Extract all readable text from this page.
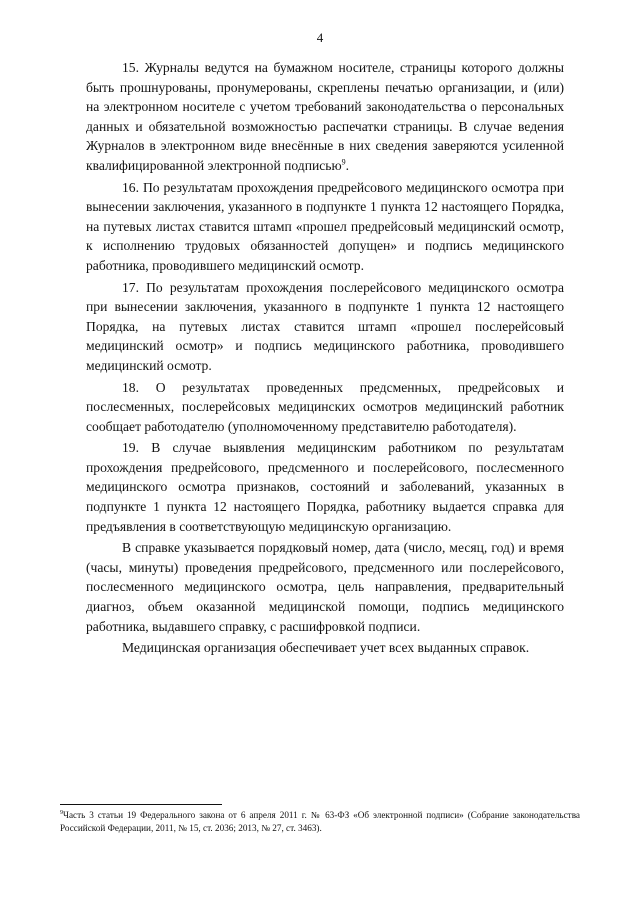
4

15. Журналы ведутся на бумажном носителе, страницы которого должны быть прошнурованы, пронумерованы, скреплены печатью организации, и (или) на электронном носителе с учетом требований законодательства о персональных данных и обязательной возможностью распечатки страницы. В случае ведения Журналов в электронном виде внесённые в них сведения заверяются усиленной квалифицированной электронной подписью$^9$.

16. По результатам прохождения предрейсового медицинского осмотра при вынесении заключения, указанного в подпункте 1 пункта 12 настоящего Порядка, на путевых листах ставится штамп «прошел предрейсовый медицинский осмотр, к исполнению трудовых обязанностей допущен» и подпись медицинского работника, проводившего медицинский осмотр.

17. По результатам прохождения послерейсового медицинского осмотра при вынесении заключения, указанного в подпункте 1 пункта 12 настоящего Порядка, на путевых листах ставится штамп «прошел послерейсовый медицинский осмотр» и подпись медицинского работника, проводившего медицинский осмотр.

18. О результатах проведенных предсменных, предрейсовых и послесменных, послерейсовых медицинских осмотров медицинский работник сообщает работодателю (уполномоченному представителю работодателя).

19. В случае выявления медицинским работником по результатам прохождения предрейсового, предсменного и послерейсового, послесменного медицинского осмотра признаков, состояний и заболеваний, указанных в подпункте 1 пункта 12 настоящего Порядка, работнику выдается справка для предъявления в соответствующую медицинскую организацию.

В справке указывается порядковый номер, дата (число, месяц, год) и время (часы, минуты) проведения предрейсового, предсменного или послерейсового, послесменного медицинского осмотра, цель направления, предварительный диагноз, объем оказанной медицинской помощи, подпись медицинского работника, выдавшего справку, с расшифровкой подписи.

Медицинская организация обеспечивает учет всех выданных справок.

$^9$Часть 3 статьи 19 Федерального закона от 6 апреля 2011 г. № 63-ФЗ «Об электронной подписи» (Собрание законодательства Российской Федерации, 2011, № 15, ст. 2036; 2013, № 27, ст. 3463).
